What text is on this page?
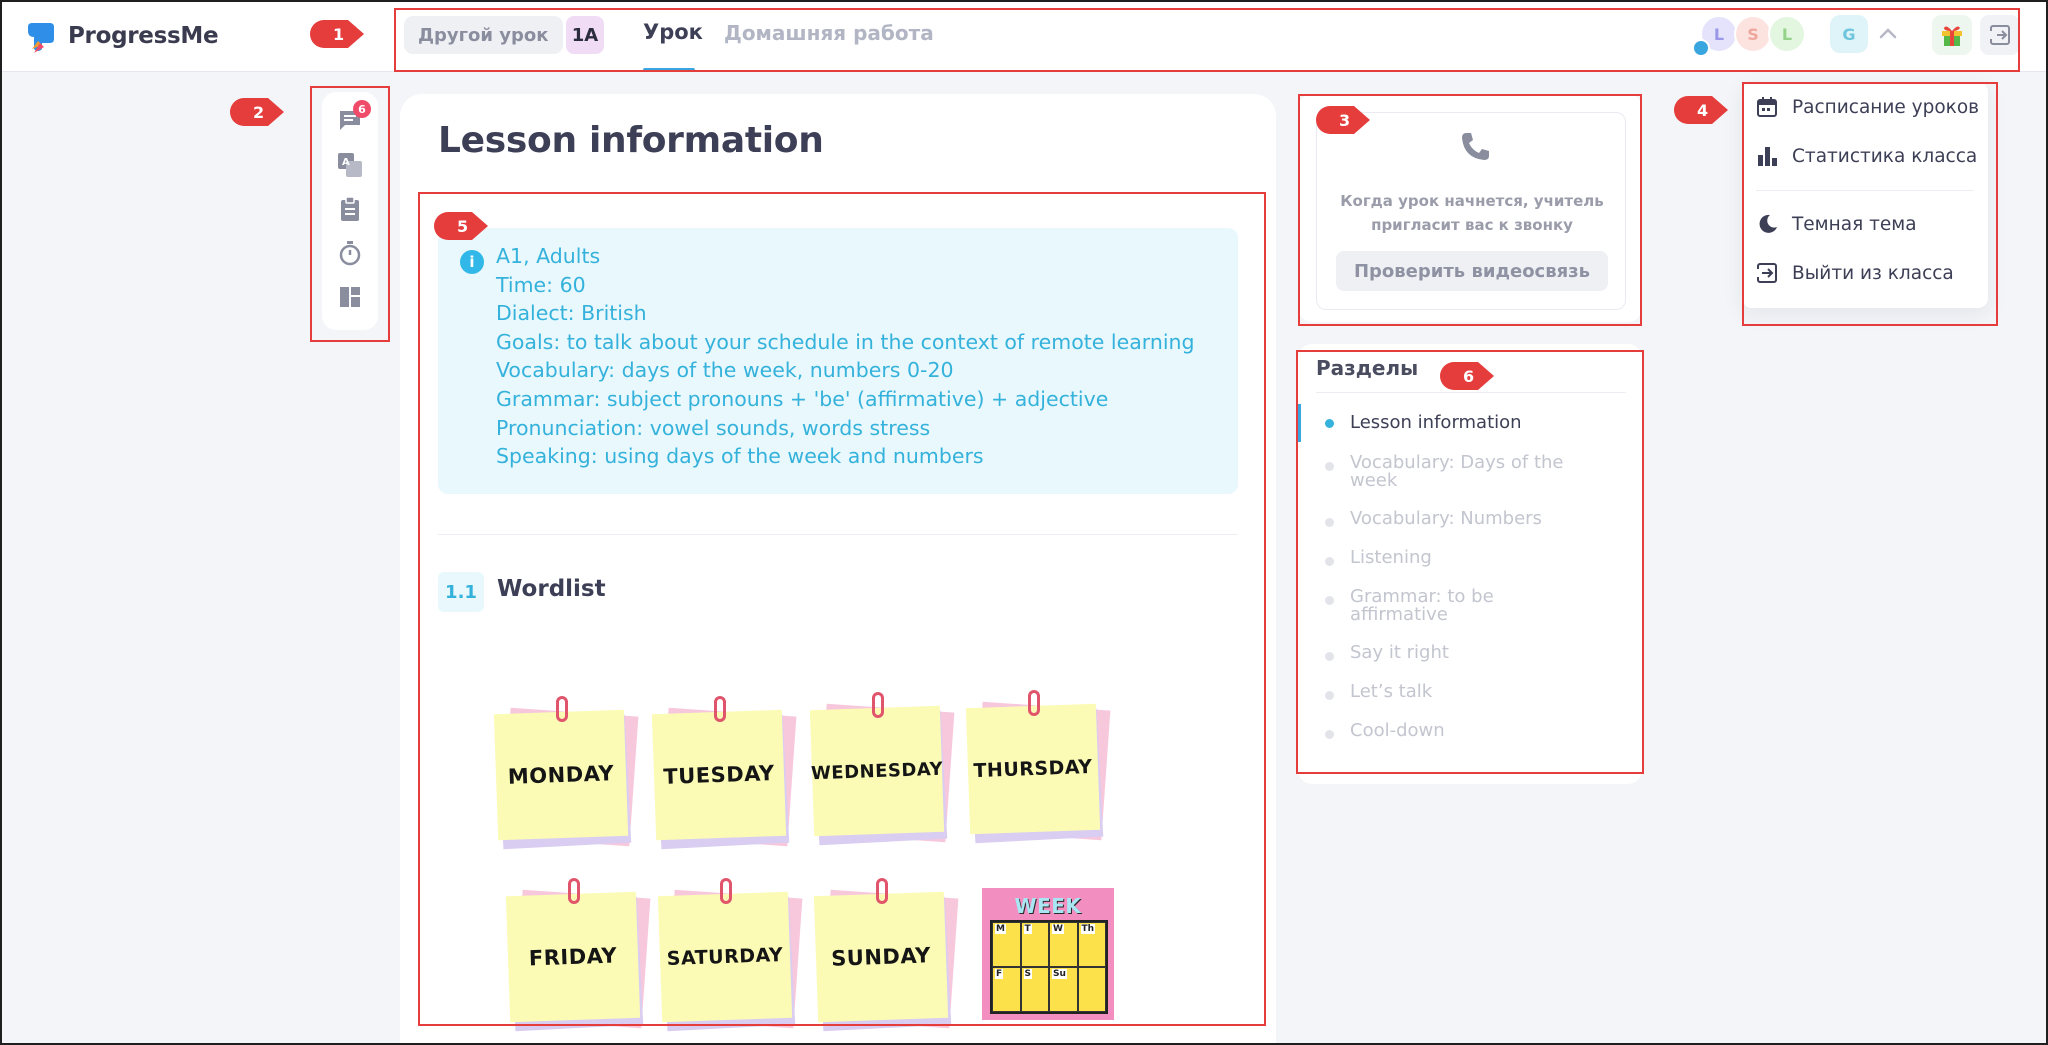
ProgressMe	Другой урок	1A Урок Домашняя работа	L	S	L	G
6
A
Lesson information
i	A1, Adults
Time: 60
Dialect: British
Goals: to talk about your schedule in the context of remote learning
Vocabulary: days of the week, numbers 0-20
Grammar: subject pronouns + 'be' (affirmative) + adjective
Pronunciation: vowel sounds, words stress
Speaking: using days of the week and numbers
1.1 Wordlist
MONDAY TUESDAY WEDNESDAY THURSDAY
FRIDAY	SATURDAY SUNDAY
WEEK
M T W Th
F S Su
Когда урок начнется, учитель пригласит вас к звонку
Проверить видеосвязь
Разделы
Lesson information
Vocabulary: Days of the week
Vocabulary: Numbers
Listening
Grammar: to be affirmative
Say it right
Let’s talk
Cool-down
Расписание уроков
Статистика класса
Темная тема
Выйти из класса
1
2	3
4
5
6
